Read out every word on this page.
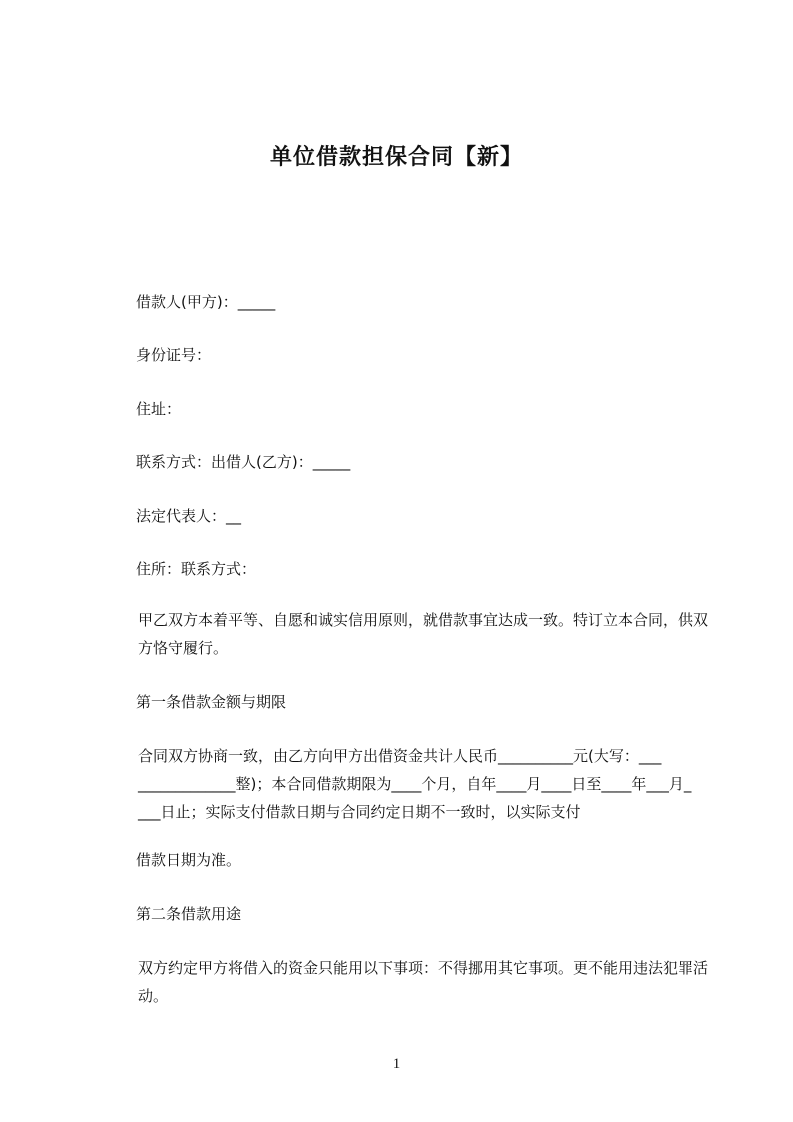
单位借款担保合同【新】
借款人(甲方)：_____
身份证号：
住址：
联系方式：出借人(乙方)：_____
法定代表人：__
住所：联系方式：
甲乙双方本着平等、自愿和诚实信用原则，就借款事宜达成一致。特订立本合同，供双方恪守履行。
第一条借款金额与期限
合同双方协商一致，由乙方向甲方出借资金共计人民币__________元(大写：___ _____________整)；本合同借款期限为____个月，自年____月____日至____年___月_ ___日止；实际支付借款日期与合同约定日期不一致时，以实际支付
借款日期为准。
第二条借款用途
双方约定甲方将借入的资金只能用以下事项：不得挪用其它事项。更不能用违法犯罪活动。
1
